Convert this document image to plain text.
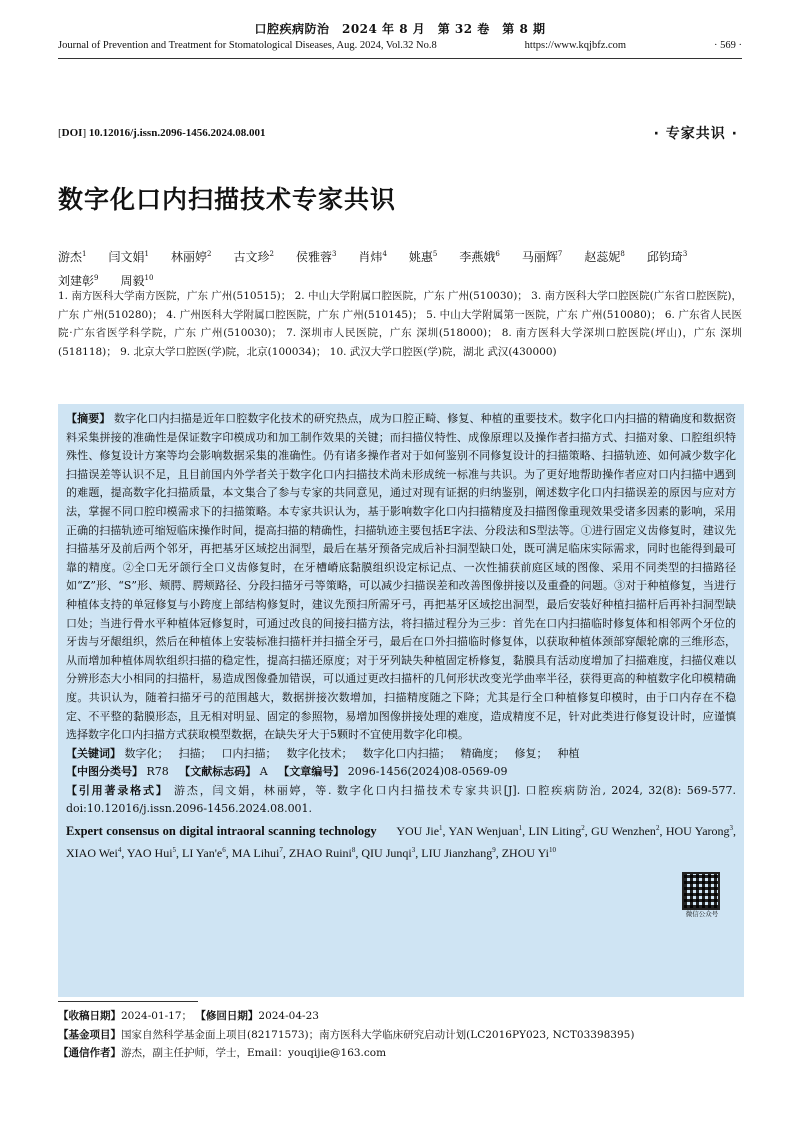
口腔疾病防治　2024 年 8 月　第 32 卷　第 8 期
Journal of Prevention and Treatment for Stomatological Diseases, Aug. 2024, Vol.32 No.8	https://www.kqjbfz.com	· 569 ·
[DOI] 10.12016/j.issn.2096-1456.2024.08.001	· 专家共识 ·
数字化口内扫描技术专家共识
游杰$^1$ 闫文娟$^1$ 林丽婷$^2$ 古文珍$^2$ 侯雅蓉$^3$ 肖炜$^4$ 姚惠$^5$ 李燕娥$^6$ 马丽辉$^7$ 赵蕊妮$^8$ 邱钧琦$^3$刘建彰$^9$ 周毅$^{10}$
1. 南方医科大学南方医院，广东 广州(510515)； 2. 中山大学附属口腔医院，广东 广州(510030)； 3. 南方医科大学口腔医院(广东省口腔医院)，广东 广州(510280)； 4. 广州医科大学附属口腔医院，广东 广州(510145)； 5. 中山大学附属第一医院，广东 广州(510080)； 6. 广东省人民医院·广东省医学科学院，广东 广州(510030)； 7. 深圳市人民医院，广东 深圳(518000)； 8. 南方医科大学深圳口腔医院(坪山)，广东 深圳(518118)； 9. 北京大学口腔医(学)院，北京(100034)； 10. 武汉大学口腔医(学)院，湖北 武汉(430000)

【摘要】 数字化口内扫描是近年口腔数字化技术的研究热点，成为口腔正畸、修复、种植的重要技术。数字化口内扫描的精确度和数据资料采集拼接的准确性是保证数字印模成功和加工制作效果的关键；而扫描仪特性、成像原理以及操作者扫描方式、扫描对象、口腔组织特殊性、修复设计方案等均会影响数据采集的准确性。仍有诸多操作者对于如何鉴别不同修复设计的扫描策略、扫描轨迹、如何减少数字化扫描误差等认识不足，且目前国内外学者关于数字化口内扫描技术尚未形成统一标准与共识。为了更好地帮助操作者应对口内扫描中遇到的难题，提高数字化扫描质量，本文集合了参与专家的共同意见，通过对现有证据的归纳鉴别，阐述数字化口内扫描误差的原因与应对方法，掌握不同口腔印模需求下的扫描策略。本专家共识认为，基于影响数字化口内扫描精度及扫描图像重现效果受诸多因素的影响，采用正确的扫描轨迹可缩短临床操作时间，提高扫描的精确性，扫描轨迹主要包括E字法、分段法和S型法等。①进行固定义齿修复时，建议先扫描基牙及前后两个邻牙，再把基牙区域挖出洞型，最后在基牙预备完成后补扫洞型缺口处，既可满足临床实际需求，同时也能得到最可靠的精度。②全口无牙颌行全口义齿修复时，在牙槽嵴底黏膜组织设定标记点、一次性捕获前庭区域的图像、采用不同类型的扫描路径如“Z”形、“S”形、颊腭、腭颊路径、分段扫描牙弓等策略，可以减少扫描误差和改善图像拼接以及重叠的问题。③对于种植修复，当进行种植体支持的单冠修复与小跨度上部结构修复时，建议先预扫所需牙弓，再把基牙区域挖出洞型，最后安装好种植扫描杆后再补扫洞型缺口处；当进行骨水平种植体冠修复时，可通过改良的间接扫描方法，将扫描过程分为三步：首先在口内扫描临时修复体和相邻两个牙位的牙齿与牙龈组织，然后在种植体上安装标准扫描杆并扫描全牙弓，最后在口外扫描临时修复体，以获取种植体颈部穿龈轮廓的三维形态，从而增加种植体周软组织扫描的稳定性，提高扫描还原度；对于牙列缺失种植固定桥修复，黏膜具有活动度增加了扫描难度，扫描仪难以分辨形态大小相同的扫描杆，易造成图像叠加错误，可以通过更改扫描杆的几何形状改变光学曲率半径，获得更高的种植数字化印模精确度。共识认为，随着扫描牙弓的范围越大，数据拼接次数增加，扫描精度随之下降；尤其是行全口种植修复印模时，由于口内存在不稳定、不平整的黏膜形态，且无相对明显、固定的参照物，易增加图像拼接处理的难度，造成精度不足，针对此类进行修复设计时，应谨慎选择数字化口内扫描方式获取模型数据，在缺失牙大于5颗时不宜使用数字化印模。

【关键词】 数字化； 扫描； 口内扫描； 数字化技术； 数字化口内扫描； 精确度； 修复； 种植

【中图分类号】 R78 【文献标志码】 A 【文章编号】 2096-1456(2024)08-0569-09

【引用著录格式】 游杰，闫文娟，林丽婷，等. 数字化口内扫描技术专家共识[J]. 口腔疾病防治, 2024, 32(8): 569-577. doi:10.12016/j.issn.2096-1456.2024.08.001.

Expert consensus on digital intraoral scanning technology YOU Jie$^1$, YAN Wenjuan$^1$, LIN Liting$^2$, GU Wenzhen$^2$, HOU Yarong$^3$, XIAO Wei$^4$, YAO Hui$^5$, LI $Yan'e^6$, MA Lihui$^7$, ZHAO Ruini$^8$, QIU Junqi$^3$, LIU Jianzhang$^9$, ZHOU Yi$^{10}$

微信公众号

【收稿日期】2024-01-17； 【修回日期】2024-04-23

【基金项目】国家自然科学基金面上项目(82171573)；南方医科大学临床研究启动计划(LC2016PY023, NCT03398395)

【通信作者】游杰，副主任护师，学士，Email：youqijie@163.com
